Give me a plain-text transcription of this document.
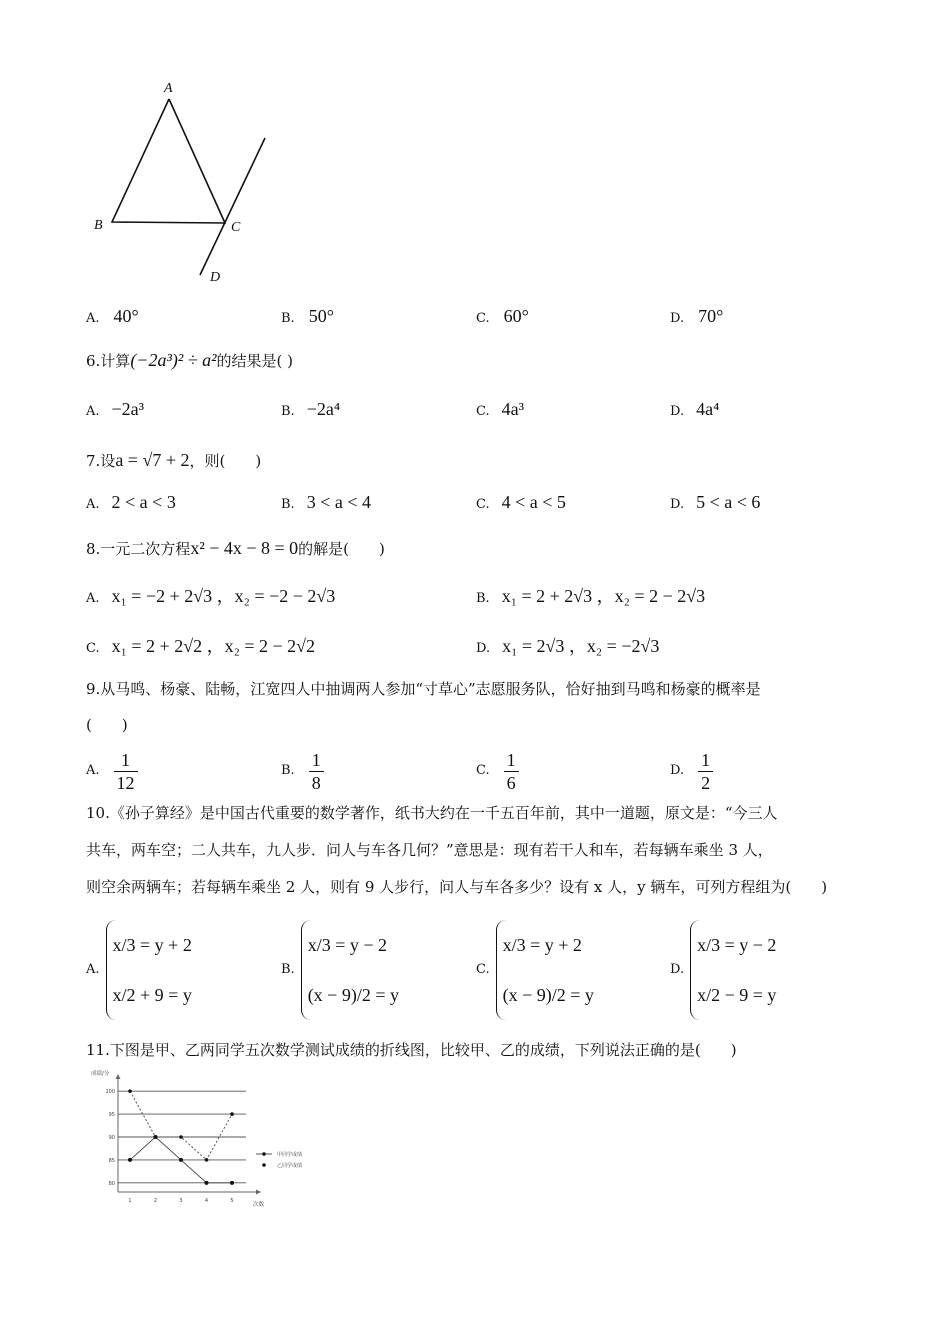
A
B	C
D
A. 40°	B. 50°	C. 60°	D. 70°
6.计算(−2a³)² ÷ a²的结果是( )
A. −2a³	B. −2a⁴	C. 4a³	D. 4a⁴
7.设a = √7 + 2，则(　　)
A. 2 < a < 3	B. 3 < a < 4	C. 4 < a < 5	D. 5 < a < 6
8.一元二次方程x² − 4x − 8 = 0的解是(　　)
A. x₁ = −2 + 2√3 ，x₂ = −2 − 2√3	B. x₁ = 2 + 2√3 ，x₂ = 2 − 2√3
C. x₁ = 2 + 2√2 ，x₂ = 2 − 2√2	D. x₁ = 2√3 ，x₂ = −2√3
9.从马鸣、杨豪、陆畅，江宽四人中抽调两人参加“寸草心”志愿服务队，恰好抽到马鸣和杨豪的概率是
(　　)
A. $\frac{1}{12}$	B. $\frac{1}{8}$	C. $\frac{1}{6}$	D. $\frac{1}{2}$
10.《孙子算经》是中国古代重要的数学著作，纸书大约在一千五百年前，其中一道题，原文是：“今三人
共车，两车空；二人共车，九人步．问人与车各几何？”意思是：现有若干人和车，若每辆车乘坐 3 人，
则空余两辆车；若每辆车乘坐 2 人，则有 9 人步行，问人与车各多少？设有 x 人，y 辆车，可列方程组为(　　)
A.
x/3 = y + 2
x/2 + 9 = y
B.
x/3 = y − 2
(x − 9)/2 = y
C.
x/3 = y + 2
(x − 9)/2 = y
D.
x/3 = y − 2
x/2 − 9 = y
11.下图是甲、乙两同学五次数学测试成绩的折线图，比较甲、乙的成绩，下列说法正确的是(　　)
80
85
90
95
100
成绩/分
1	2	3	4	5
次数
甲同学成绩
乙同学成绩
